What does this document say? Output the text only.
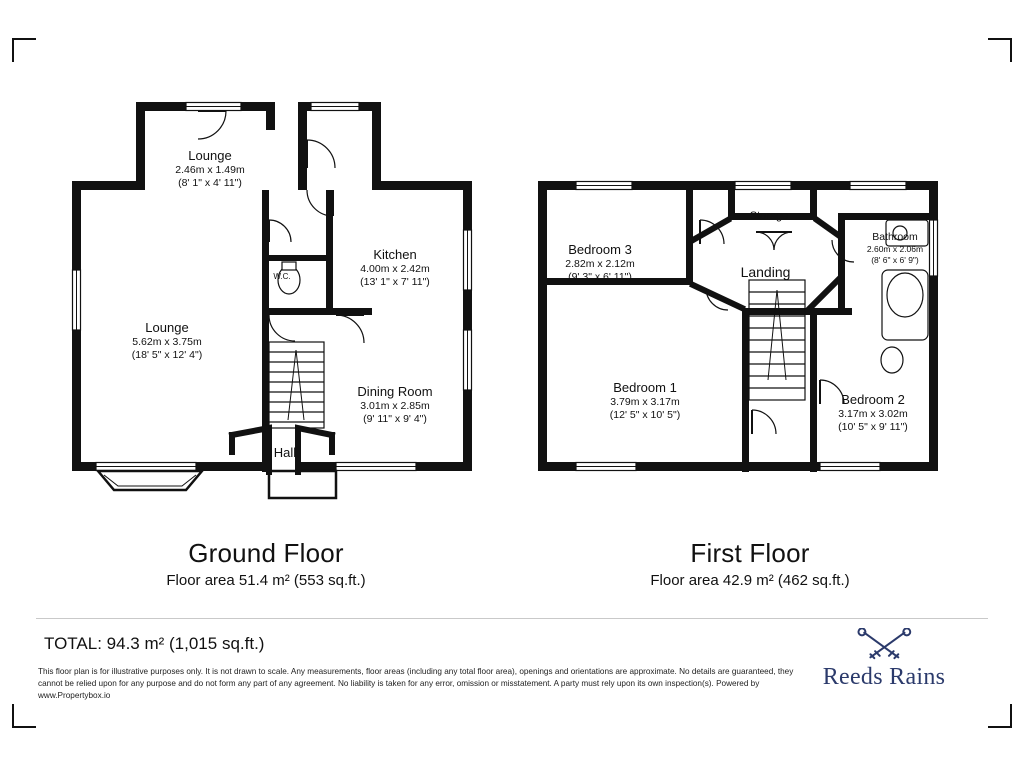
Lounge
2.46m x 1.49m
(8' 1" x 4' 11")
Kitchen
4.00m x 2.42m
(13' 1" x 7' 11")
W.C.
Lounge
5.62m x 3.75m
(18' 5" x 12' 4")
Dining Room
3.01m x 2.85m
(9' 11" x 9' 4")
Hall
Bedroom 3
2.82m x 2.12m
(9' 3" x 6' 11")
Storage
Landing
Bathroom
2.60m x 2.06m
(8' 6" x 6' 9")
Bedroom 1
3.79m x 3.17m
(12' 5" x 10' 5")
Bedroom 2
3.17m x 3.02m
(10' 5" x 9' 11")
Ground Floor
Floor area 51.4 m² (553 sq.ft.)
First Floor
Floor area 42.9 m² (462 sq.ft.)
TOTAL: 94.3 m² (1,015 sq.ft.)
This floor plan is for illustrative purposes only. It is not drawn to scale. Any measurements, floor areas (including any total floor area), openings and orientations are approximate. No details are guaranteed, they cannot be relied upon for any purpose and do not form any part of any agreement. No liability is taken for any error, omission or misstatement. A party must rely upon its own inspection(s). Powered by www.Propertybox.io
Reeds Rains
